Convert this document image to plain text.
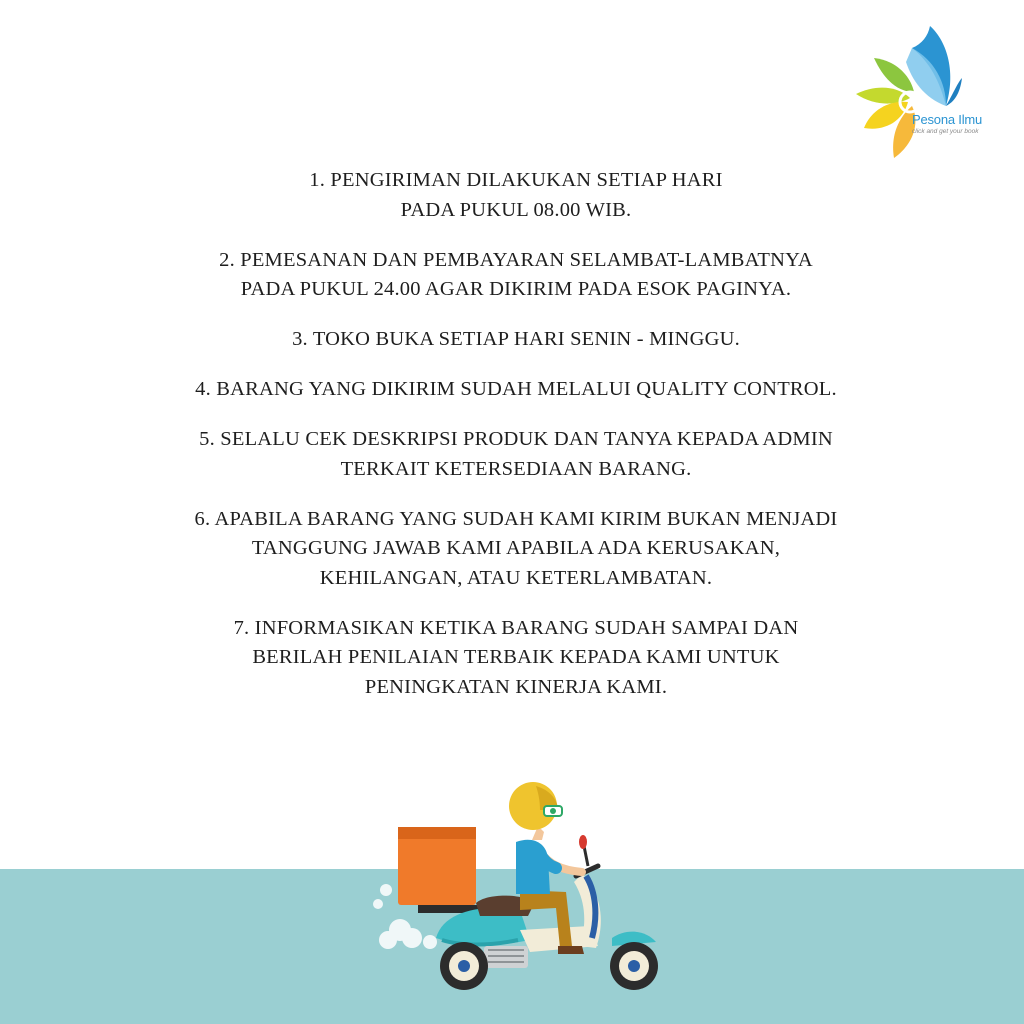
Pesona Ilmu
click and get your book
1. PENGIRIMAN DILAKUKAN SETIAP HARI
PADA PUKUL 08.00 WIB.
2. PEMESANAN DAN PEMBAYARAN SELAMBAT-LAMBATNYA
PADA PUKUL 24.00 AGAR DIKIRIM PADA ESOK PAGINYA.
3. TOKO BUKA SETIAP HARI SENIN - MINGGU.
4. BARANG YANG DIKIRIM SUDAH MELALUI QUALITY CONTROL.
5. SELALU CEK DESKRIPSI PRODUK DAN TANYA KEPADA ADMIN
TERKAIT KETERSEDIAAN BARANG.
6. APABILA BARANG YANG SUDAH KAMI KIRIM BUKAN MENJADI
TANGGUNG JAWAB KAMI APABILA ADA KERUSAKAN,
KEHILANGAN, ATAU KETERLAMBATAN.
7. INFORMASIKAN KETIKA BARANG SUDAH SAMPAI DAN
BERILAH PENILAIAN TERBAIK KEPADA KAMI UNTUK
PENINGKATAN KINERJA KAMI.
